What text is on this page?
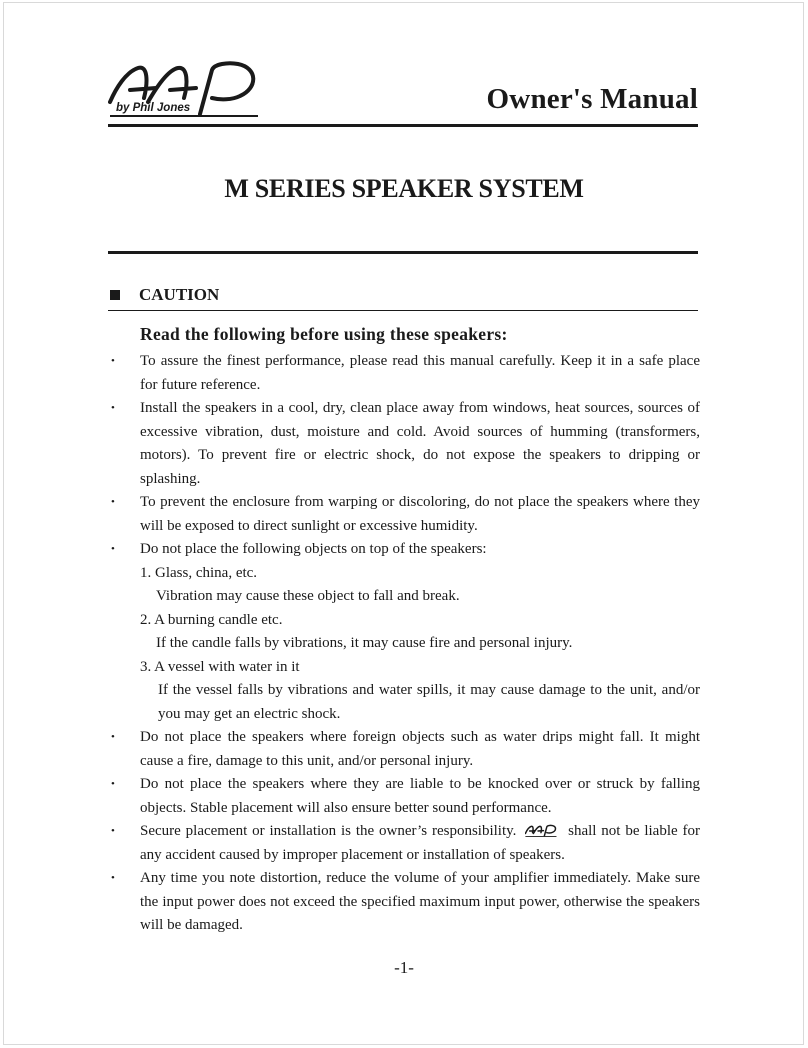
by Phil Jones	Owner's Manual
M SERIES SPEAKER SYSTEM
CAUTION
Read the following before using these speakers:
• To assure the finest performance, please read this manual carefully. Keep it in a safe place for future reference.
• Install the speakers in a cool, dry, clean place away from windows, heat sources, sources of excessive vibration, dust, moisture and cold. Avoid sources of humming (transformers, motors). To prevent fire or electric shock, do not expose the speakers to dripping or splashing.
• To prevent the enclosure from warping or discoloring, do not place the speakers where they will be exposed to direct sunlight or excessive humidity.
• Do not place the following objects on top of the speakers:
1. Glass, china, etc.
Vibration may cause these object to fall and break.
2. A burning candle etc.
If the candle falls by vibrations, it may cause fire and personal injury.
3. A vessel with water in it
If the vessel falls by vibrations and water spills, it may cause damage to the unit, and/or you may get an electric shock.
• Do not place the speakers where foreign objects such as water drips might fall. It might cause a fire, damage to this unit, and/or personal injury.
• Do not place the speakers where they are liable to be knocked over or struck by falling objects. Stable placement will also ensure better sound performance.
• Secure placement or installation is the owner’s responsibility.	shall not be liable for any accident caused by improper placement or installation of speakers.
• Any time you note distortion, reduce the volume of your amplifier immediately. Make sure the input power does not exceed the specified maximum input power, otherwise the speakers will be damaged.
-1-
